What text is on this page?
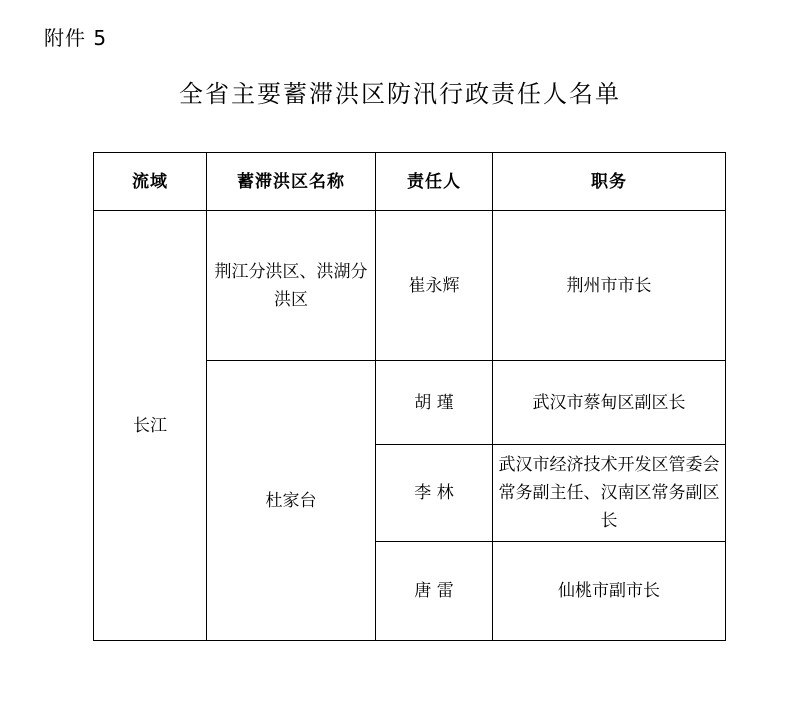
附件 5
全省主要蓄滞洪区防汛行政责任人名单
流域	蓄滞洪区名称	责任人	职务
长江	荆江分洪区、洪湖分洪区	崔永辉	荆州市市长
	杜家台	胡 瑾	武汉市蔡甸区副区长
		李 林	武汉市经济技术开发区管委会常务副主任、汉南区常务副区长
		唐 雷	仙桃市副市长
